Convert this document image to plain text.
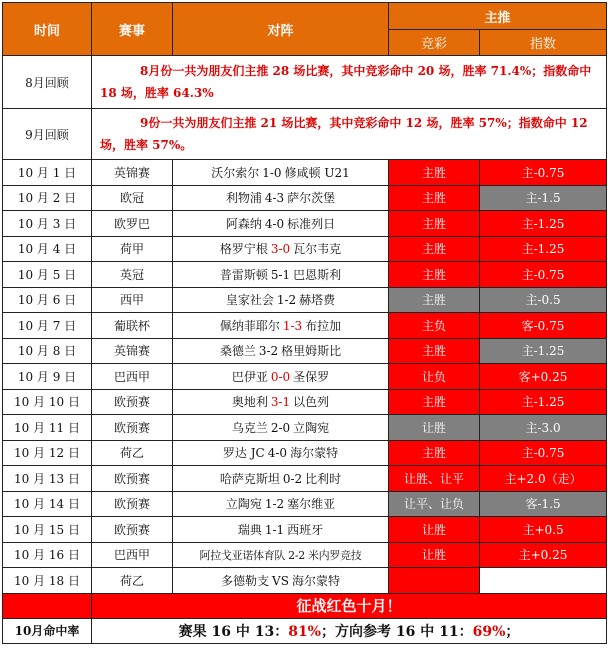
时间	赛事	对阵	主推	
			竞彩	指数
8月回顾	8月份一共为朋友们主推 28 场比赛，其中竞彩命中 20 场，胜率 71.4%；指数命中 18 场，胜率 64.3%			
9月回顾	9份一共为朋友们主推 21 场比赛，其中竞彩命中 12 场，胜率 57%；指数命中 12 场，胜率 57%。			
10 月 1 日	英锦赛	沃尔索尔 1-0 修咸顿 U21	主胜	主-0.75
10 月 2 日	欧冠	利物浦 4-3 萨尔茨堡	主胜	主-1.5
10 月 3 日	欧罗巴	阿森纳 4-0 标准列日	主胜	主-1.25
10 月 4 日	荷甲	格罗宁根 3-0 瓦尔韦克	主胜	主-1.25
10 月 5 日	英冠	普雷斯顿 5-1 巴恩斯利	主胜	主-0.75
10 月 6 日	西甲	皇家社会 1-2 赫塔费	主胜	主-0.5
10 月 7 日	葡联杯	佩纳菲耶尔 1-3 布拉加	主负	客-0.75
10 月 8 日	英锦赛	桑德兰 3-2 格里姆斯比	主胜	主-1.25
10 月 9 日	巴西甲	巴伊亚 0-0 圣保罗	让负	客+0.25
10 月 10 日	欧预赛	奥地利 3-1 以色列	主胜	主-1.25
10 月 11 日	欧预赛	乌克兰 2-0 立陶宛	让胜	主-3.0
10 月 12 日	荷乙	罗达 JC 4-0 海尔蒙特	主胜	主-0.75
10 月 13 日	欧预赛	哈萨克斯坦 0-2 比利时	让胜、让平	主+2.0（走）
10 月 14 日	欧预赛	立陶宛 1-2 塞尔维亚	让平、让负	客-1.5
10 月 15 日	欧预赛	瑞典 1-1 西班牙	让胜	主+0.5
10 月 16 日	巴西甲	阿拉戈亚诺体育队 2-2 米内罗竞技	让胜	主+0.25
10 月 18 日	荷乙	多德勒支 VS 海尔蒙特		
	征战红色十月！			
10月命中率	赛果 16 中 13：81%；方向参考 16 中 11：69%；			
